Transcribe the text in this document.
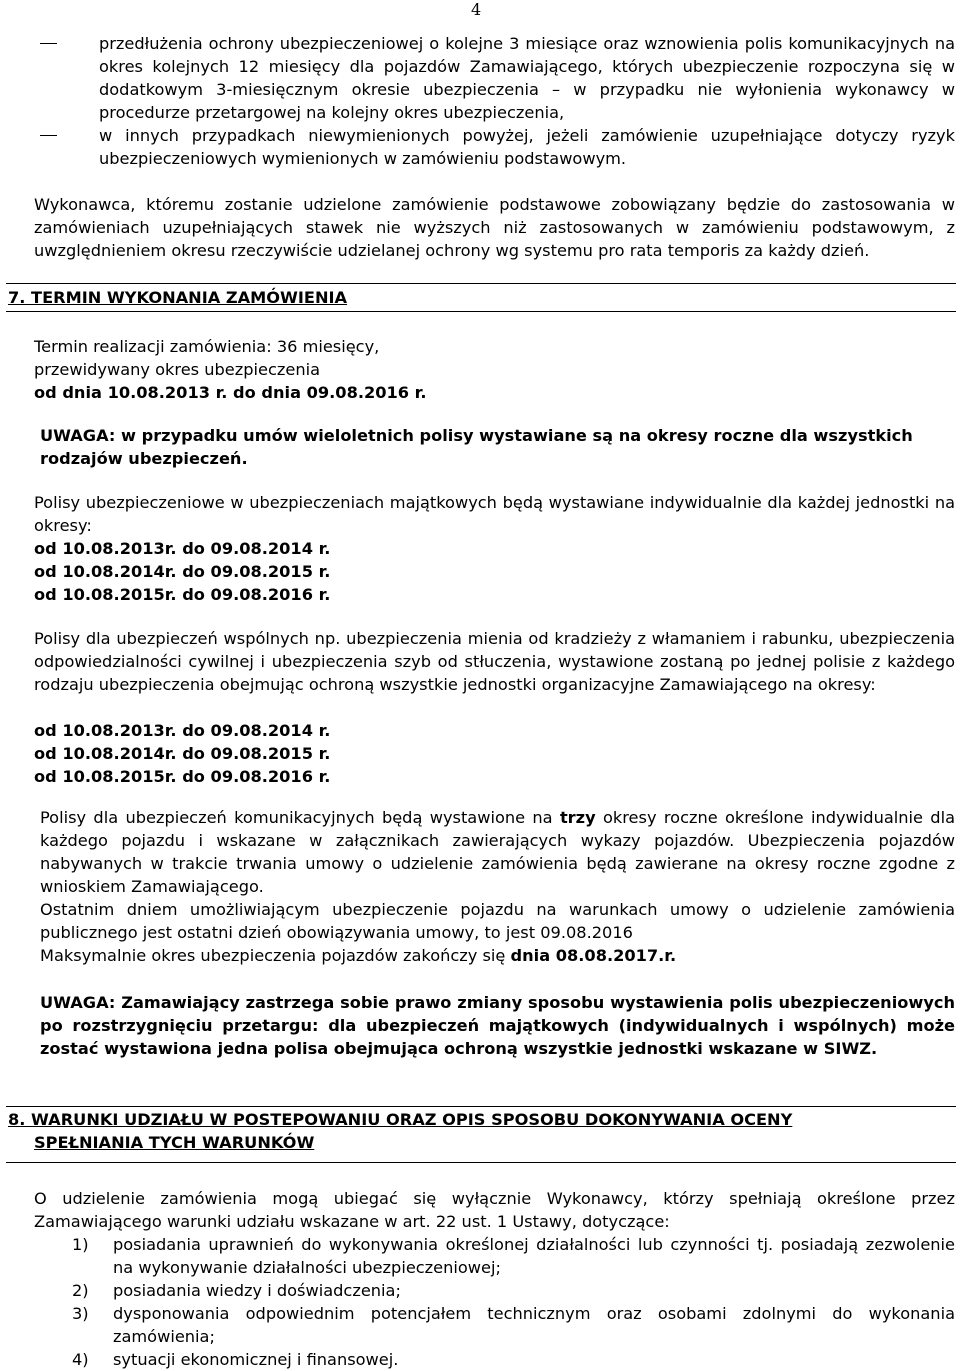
4
przedłużenia ochrony ubezpieczeniowej o kolejne 3 miesiące oraz wznowienia polis komunikacyjnych na okres kolejnych 12 miesięcy dla pojazdów Zamawiającego, których ubezpieczenie rozpoczyna się w dodatkowym 3-miesięcznym okresie ubezpieczenia – w przypadku nie wyłonienia wykonawcy w procedurze przetargowej na kolejny okres ubezpieczenia,
w innych przypadkach niewymienionych powyżej, jeżeli zamówienie uzupełniające dotyczy ryzyk ubezpieczeniowych wymienionych w zamówieniu podstawowym.
Wykonawca, któremu zostanie udzielone zamówienie podstawowe zobowiązany będzie do zastosowania w zamówieniach uzupełniających stawek nie wyższych niż zastosowanych w zamówieniu podstawowym, z uwzględnieniem okresu rzeczywiście udzielanej ochrony wg systemu pro rata temporis za każdy dzień.
7. TERMIN WYKONANIA ZAMÓWIENIA
Termin realizacji zamówienia: 36 miesięcy,
przewidywany okres ubezpieczenia
od dnia 10.08.2013 r. do dnia 09.08.2016 r.
UWAGA: w przypadku umów wieloletnich polisy wystawiane są na okresy roczne dla wszystkich rodzajów ubezpieczeń.
Polisy ubezpieczeniowe w ubezpieczeniach majątkowych będą wystawiane indywidualnie dla każdej jednostki na okresy:
od 10.08.2013r. do 09.08.2014 r.
od 10.08.2014r. do 09.08.2015 r.
od 10.08.2015r. do 09.08.2016 r.
Polisy dla ubezpieczeń wspólnych np. ubezpieczenia mienia od kradzieży z włamaniem i rabunku, ubezpieczenia odpowiedzialności cywilnej i ubezpieczenia szyb od stłuczenia, wystawione zostaną po jednej polisie z każdego rodzaju ubezpieczenia obejmując ochroną wszystkie jednostki organizacyjne Zamawiającego na okresy:
od 10.08.2013r. do 09.08.2014 r.
od 10.08.2014r. do 09.08.2015 r.
od 10.08.2015r. do 09.08.2016 r.
Polisy dla ubezpieczeń komunikacyjnych będą wystawione na trzy okresy roczne określone indywidualnie dla każdego pojazdu i wskazane w załącznikach zawierających wykazy pojazdów. Ubezpieczenia pojazdów nabywanych w trakcie trwania umowy o udzielenie zamówienia będą zawierane na okresy roczne zgodne z wnioskiem Zamawiającego.
Ostatnim dniem umożliwiającym ubezpieczenie pojazdu na warunkach umowy o udzielenie zamówienia publicznego jest ostatni dzień obowiązywania umowy, to jest 09.08.2016
Maksymalnie okres ubezpieczenia pojazdów zakończy się dnia 08.08.2017.r.
UWAGA: Zamawiający zastrzega sobie prawo zmiany sposobu wystawienia polis ubezpieczeniowych po rozstrzygnięciu przetargu: dla ubezpieczeń majątkowych (indywidualnych i wspólnych) może zostać wystawiona jedna polisa obejmująca ochroną wszystkie jednostki wskazane w SIWZ.
8. WARUNKI UDZIAŁU W POSTEPOWANIU ORAZ OPIS SPOSOBU DOKONYWANIA OCENY
SPEŁNIANIA TYCH WARUNKÓW
O udzielenie zamówienia mogą ubiegać się wyłącznie Wykonawcy, którzy spełniają określone przez Zamawiającego warunki udziału wskazane w art. 22 ust. 1 Ustawy, dotyczące:
1) posiadania uprawnień do wykonywania określonej działalności lub czynności tj. posiadają zezwolenie na wykonywanie działalności ubezpieczeniowej;
2) posiadania wiedzy i doświadczenia;
3) dysponowania odpowiednim potencjałem technicznym oraz osobami zdolnymi do wykonania zamówienia;
4) sytuacji ekonomicznej i finansowej.
